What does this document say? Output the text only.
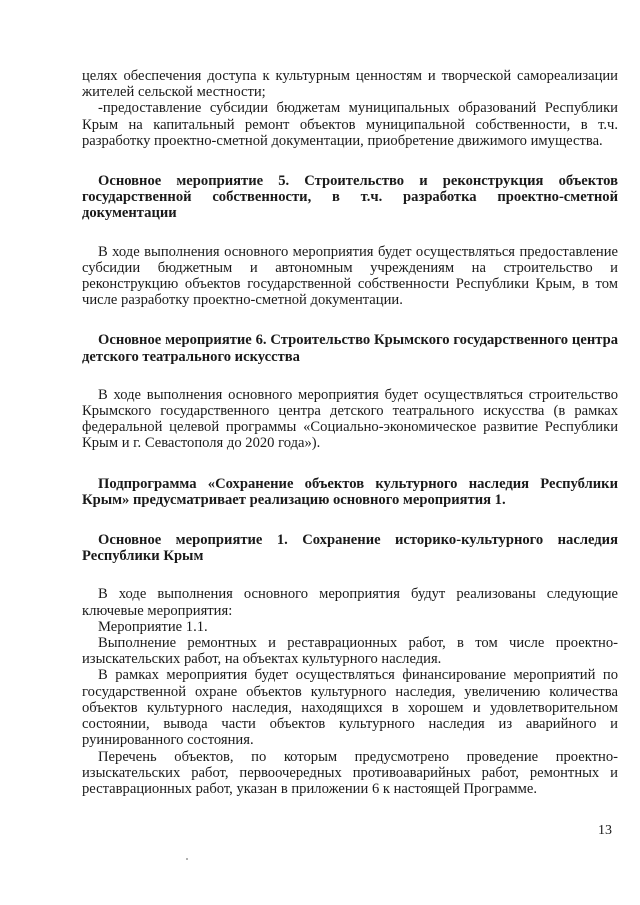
целях обеспечения доступа к культурным ценностям и творческой самореализации жителей сельской местности;

-предоставление субсидии бюджетам муниципальных образований Республики Крым на капитальный ремонт объектов муниципальной собственности, в т.ч. разработку проектно-сметной документации, приобретение движимого имущества.

Основное мероприятие 5. Строительство и реконструкция объектов государственной собственности, в т.ч. разработка проектно-сметной документации

В ходе выполнения основного мероприятия будет осуществляться предоставление субсидии бюджетным и автономным учреждениям на строительство и реконструкцию объектов государственной собственности Республики Крым, в том числе разработку проектно-сметной документации.

Основное мероприятие 6. Строительство Крымского государственного центра детского театрального искусства

В ходе выполнения основного мероприятия будет осуществляться строительство Крымского государственного центра детского театрального искусства (в рамках федеральной целевой программы «Социально-экономическое развитие Республики Крым и г. Севастополя до 2020 года»).

Подпрограмма «Сохранение объектов культурного наследия Республики Крым» предусматривает реализацию основного мероприятия 1.

Основное мероприятие 1. Сохранение историко-культурного наследия Республики Крым

В ходе выполнения основного мероприятия будут реализованы следующие ключевые мероприятия:

Мероприятие 1.1.

Выполнение ремонтных и реставрационных работ, в том числе проектно-изыскательских работ, на объектах культурного наследия.

В рамках мероприятия будет осуществляться финансирование мероприятий по государственной охране объектов культурного наследия, увеличению количества объектов культурного наследия, находящихся в хорошем и удовлетворительном состоянии, вывода части объектов культурного наследия из аварийного и руинированного состояния.

Перечень объектов, по которым предусмотрено проведение проектно-изыскательских работ, первоочередных противоаварийных работ, ремонтных и реставрационных работ, указан в приложении 6 к настоящей Программе.

13
